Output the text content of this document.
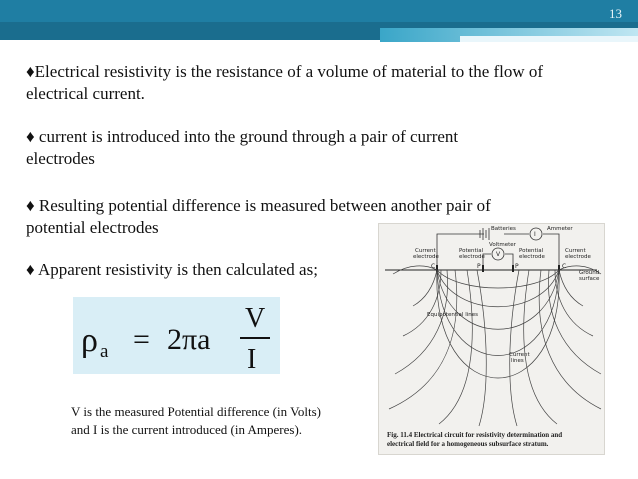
13
♦Electrical resistivity is the resistance of a volume of material to the flow of
electrical current.
♦ current is introduced into the ground through a pair of current
electrodes
♦ Resulting potential difference is measured between another pair of
potential electrodes
♦ Apparent resistivity is then calculated as;
ρ a = 2πa
V
I
V is the measured Potential difference (in Volts)
and I is the current introduced (in Amperes).
Batteries	Ammeter
Voltmeter
I
V
Current
electrode
Potential
electrode
Potential
electrode
Current
electrode
Ground
surface
Equipotential lines
Current
lines
C	P	P	C
Fig. 11.4 Electrical circuit for resistivity determination and
electrical field for a homogeneous subsurface stratum.
